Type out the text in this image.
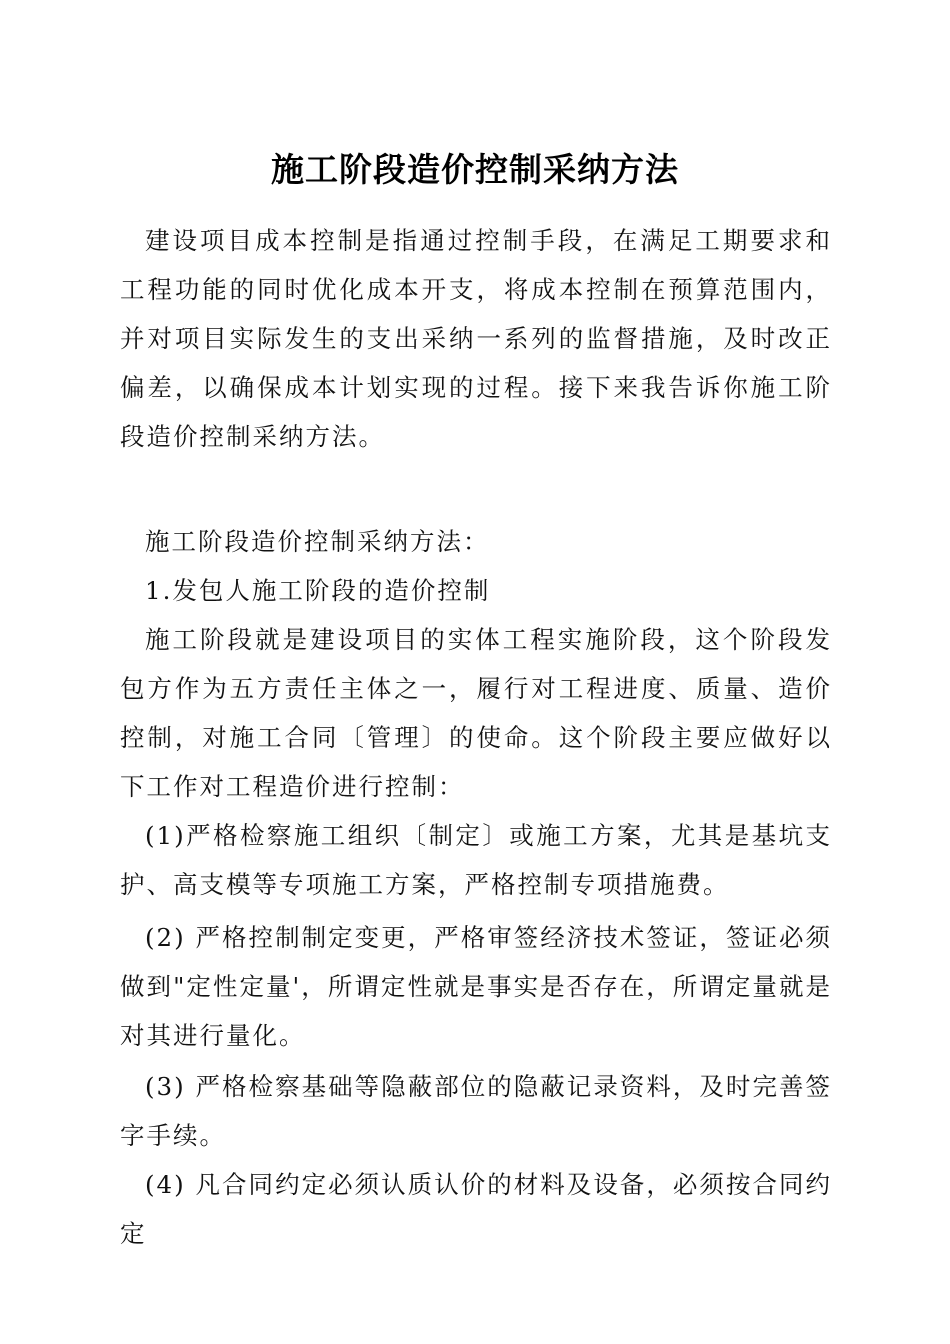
施工阶段造价控制采纳方法

建设项目成本控制是指通过控制手段，在满足工期要求和工程功能的同时优化成本开支，将成本控制在预算范围内，并对项目实际发生的支出采纳一系列的监督措施，及时改正偏差，以确保成本计划实现的过程。接下来我告诉你施工阶段造价控制采纳方法。

施工阶段造价控制采纳方法：

1.发包人施工阶段的造价控制

施工阶段就是建设项目的实体工程实施阶段，这个阶段发包方作为五方责任主体之一，履行对工程进度、质量、造价控制，对施工合同〔管理〕的使命。这个阶段主要应做好以下工作对工程造价进行控制：

(1)严格检察施工组织〔制定〕或施工方案，尤其是基坑支护、高支模等专项施工方案，严格控制专项措施费。

(2) 严格控制制定变更，严格审签经济技术签证，签证必须做到"定性定量'，所谓定性就是事实是否存在，所谓定量就是对其进行量化。

(3) 严格检察基础等隐蔽部位的隐蔽记录资料，及时完善签字手续。

(4) 凡合同约定必须认质认价的材料及设备，必须按合同约定
